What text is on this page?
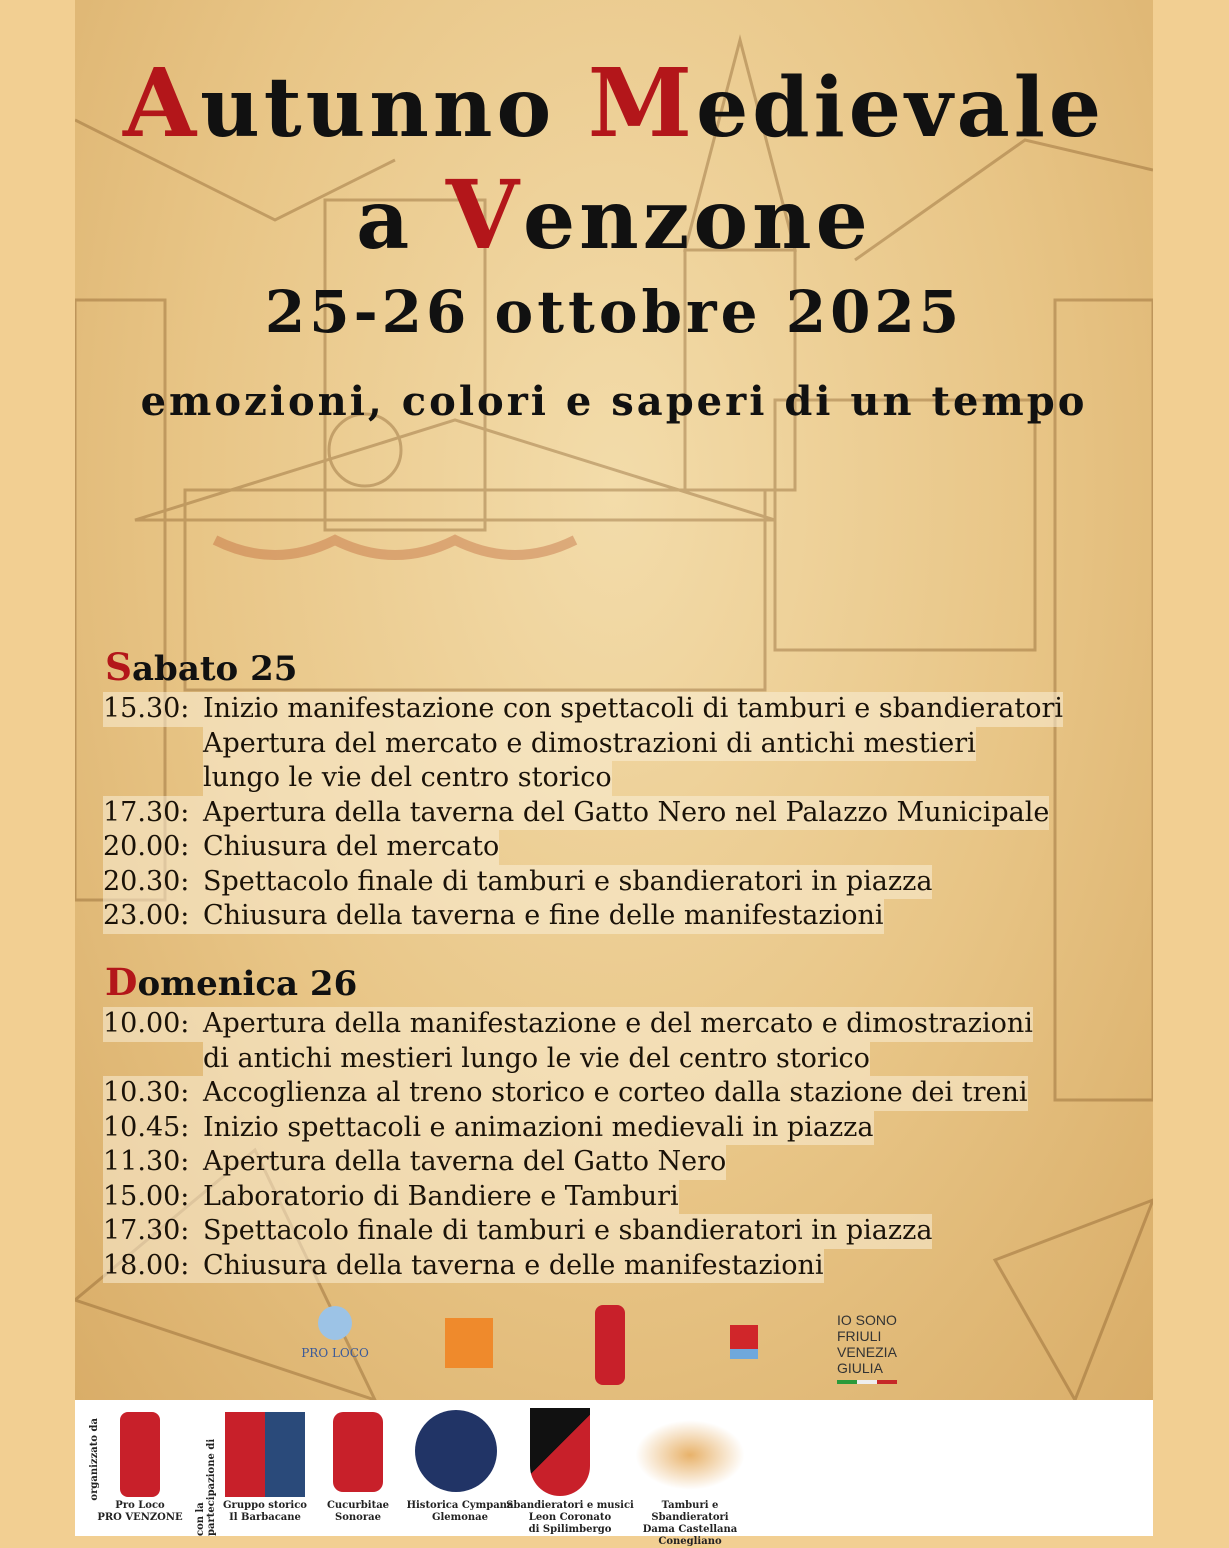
Autunno Medievale
a Venzone
25-26 ottobre 2025
emozioni, colori e saperi di un tempo
Sabato 25
15.30: Inizio manifestazione con spettacoli di tamburi e sbandieratori
Apertura del mercato e dimostrazioni di antichi mestieri
lungo le vie del centro storico
17.30: Apertura della taverna del Gatto Nero nel Palazzo Municipale
20.00: Chiusura del mercato
20.30: Spettacolo finale di tamburi e sbandieratori in piazza
23.00: Chiusura della taverna e fine delle manifestazioni
Domenica 26
10.00: Apertura della manifestazione e del mercato e dimostrazioni
di antichi mestieri lungo le vie del centro storico
10.30: Accoglienza al treno storico e corteo dalla stazione dei treni
10.45: Inizio spettacoli e animazioni medievali in piazza
11.30: Apertura della taverna del Gatto Nero
15.00: Laboratorio di Bandiere e Tamburi
17.30: Spettacolo finale di tamburi e sbandieratori in piazza
18.00: Chiusura della taverna e delle manifestazioni
PRO LOCO
IO SONO
FRIULI
VENEZIA
GIULIA
organizzato da
con la partecipazione di
Pro Loco
PRO VENZONE
Gruppo storico
Il Barbacane
Cucurbitae
Sonorae
Historica Cympana
Glemonae
Sbandieratori e musici
Leon Coronato
di Spilimbergo
Tamburi e Sbandieratori
Dama Castellana
Conegliano
